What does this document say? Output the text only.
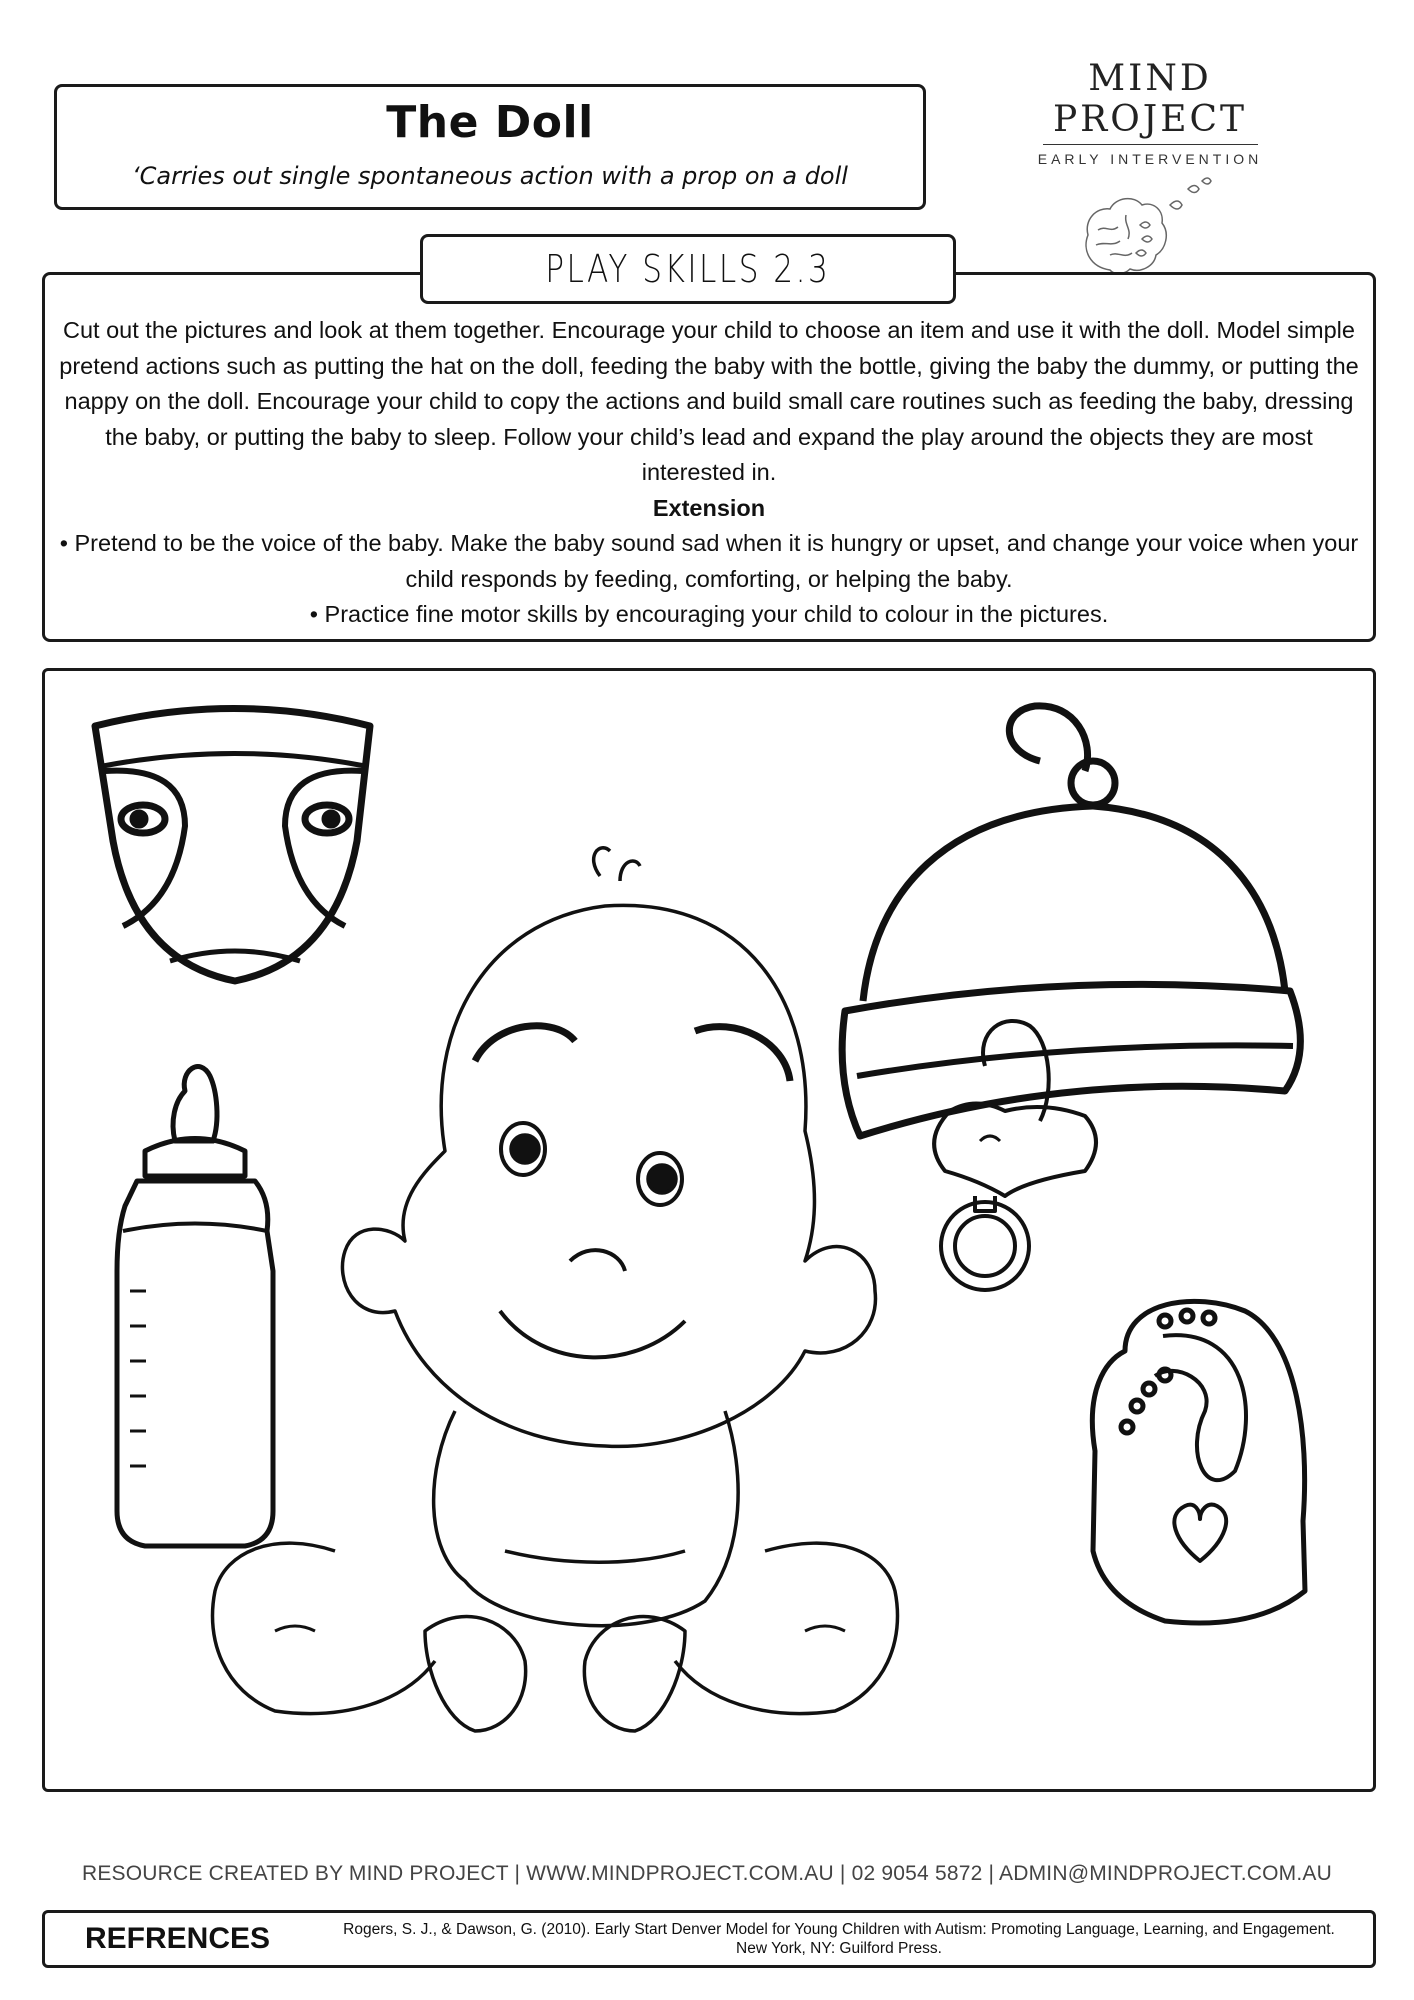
The Doll
‘Carries out single spontaneous action with a prop on a doll
MIND PROJECT
EARLY INTERVENTION
PLAY SKILLS 2.3

Cut out the pictures and look at them together. Encourage your child to choose an item and use it with the doll. Model simple pretend actions such as putting the hat on the doll, feeding the baby with the bottle, giving the baby the dummy, or putting the nappy on the doll. Encourage your child to copy the actions and build small care routines such as feeding the baby, dressing the baby, or putting the baby to sleep. Follow your child’s lead and expand the play around the objects they are most interested in.

Extension

• Pretend to be the voice of the baby. Make the baby sound sad when it is hungry or upset, and change your voice when your child responds by feeding, comforting, or helping the baby.

• Practice fine motor skills by encouraging your child to colour in the pictures.

RESOURCE CREATED BY MIND PROJECT | WWW.MINDPROJECT.COM.AU | 02 9054 5872 | ADMIN@MINDPROJECT.COM.AU
REFRENCES	Rogers, S. J., & Dawson, G. (2010). Early Start Denver Model for Young Children with Autism: Promoting Language, Learning, and Engagement. New York, NY: Guilford Press.
